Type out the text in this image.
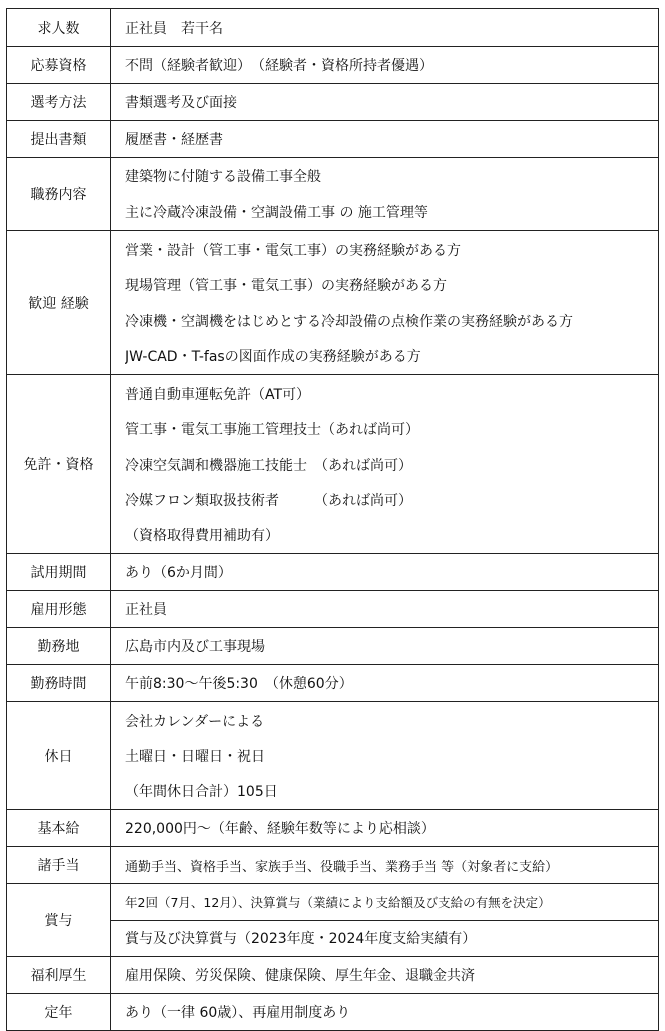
求人数	正社員　若干名

応募資格	不問（経験者歓迎）　（経験者・資格所持者優遇）

選考方法	書類選考及び面接

提出書類	履歴書・経歴書

職務内容	建築物に付随する設備工事全般
主に冷蔵冷凍設備・空調設備工事 の 施工管理等

歓迎 経験	営業・設計（管工事・電気工事）の実務経験がある方
現場管理（管工事・電気工事）の実務経験がある方
冷凍機・空調機をはじめとする冷却設備の点検作業の実務経験がある方
JW-CAD・T-fasの図面作成の実務経験がある方

免許・資格	普通自動車運転免許（AT可）
管工事・電気工事施工管理技士（あれば尚可）
冷凍空気調和機器施工技能士　（あれば尚可）
冷媒フロン類取扱技術者　　　（あれば尚可）
（資格取得費用補助有）

試用期間	あり（6か月間）

雇用形態	正社員

勤務地	広島市内及び工事現場

勤務時間	午前8:30～午後5:30　（休憩60分）

休日	会社カレンダーによる
土曜日・日曜日・祝日
（年間休日合計）105日

基本給	220,000円～（年齢、経験年数等により応相談）

諸手当	通勤手当、資格手当、家族手当、役職手当、業務手当 等（対象者に支給）

賞与	年2回（7月、12月）、決算賞与（業績により支給額及び支給の有無を決定）
賞与及び決算賞与（2023年度・2024年度支給実績有）

福利厚生	雇用保険、労災保険、健康保険、厚生年金、退職金共済

定年	あり（一律 60歳）、再雇用制度あり
